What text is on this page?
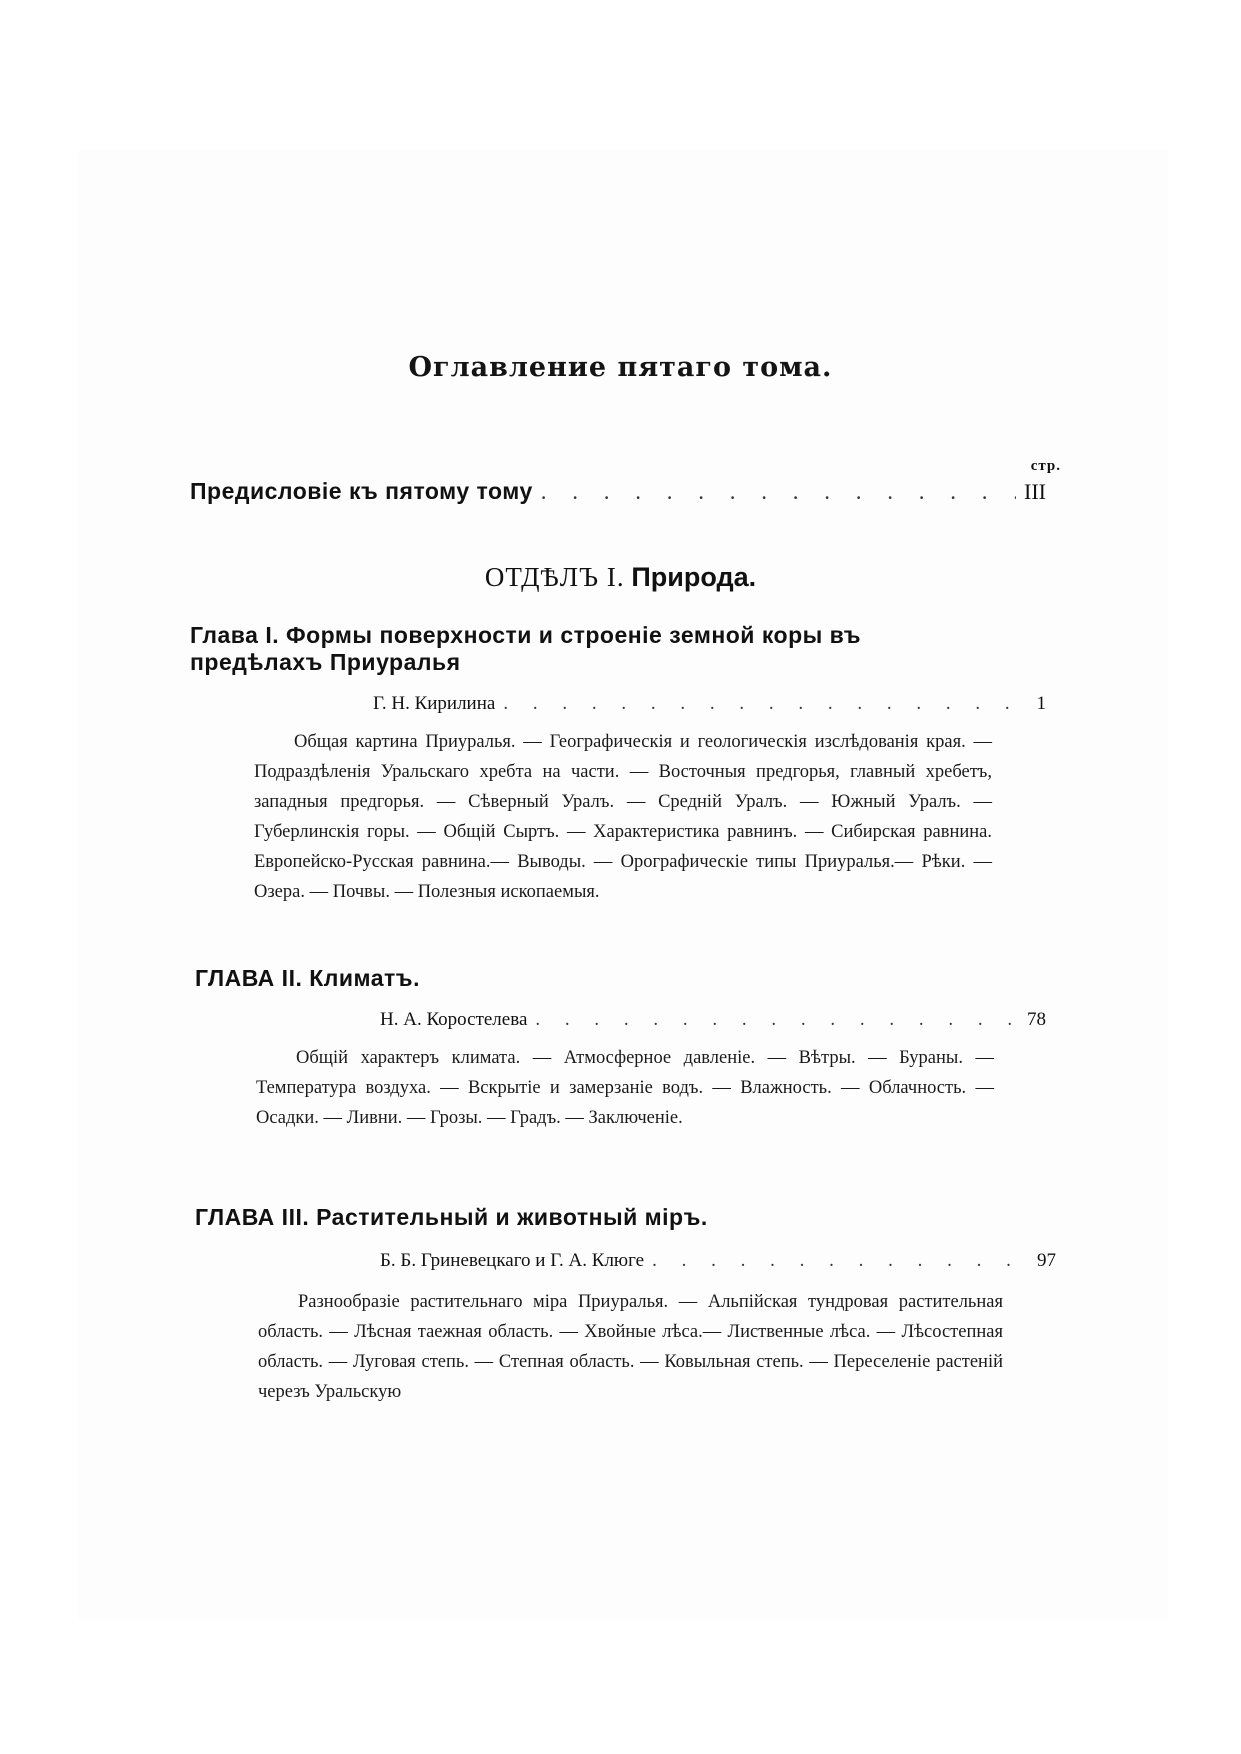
Оглавление пятаго тома.
стр.
Предисловіе къ пятому тому . . .	III
ОТДѢЛЪ I. Природа.
Глава I. Формы поверхности и строеніе земной коры въ предѣлахъ Приуралья
Г. Н. Кирилина . . .	1

Общая картина Приуралья. — Географическія и геологическія изслѣдованія края. — Подраздѣленія Уральскаго хребта на части. — Восточныя предгорья, главный хребетъ, западныя предгорья. — Сѣверный Уралъ. — Средній Уралъ. — Южный Уралъ. — Губерлинскія горы. — Общій Сыртъ. — Характеристика равнинъ. — Сибирская равнина. Европейско-Русская равнина.— Выводы. — Орографическіе типы Приуралья.— Рѣки. — Озера. — Почвы. — Полезныя ископаемыя.

ГЛАВА II. Климатъ.
Н. А. Коростелева . . .	78

Общій характеръ климата. — Атмосферное давленіе. — Вѣтры. — Бураны. — Температура воздуха. — Вскрытіе и замерзаніе водъ. — Влажность. — Облачность. — Осадки. — Ливни. — Грозы. — Градъ. — Заключеніе.

ГЛАВА III. Растительный и животный міръ.
Б. Б. Гриневецкаго и Г. А. Клюге . . .	97

Разнообразіе растительнаго міра Приуралья. — Альпійская тундровая растительная область. — Лѣсная таежная область. — Хвойные лѣса.— Лиственные лѣса. — Лѣсостепная область. — Луговая степь. — Степная область. — Ковыльная степь. — Переселеніе растеній черезъ Уральскую
